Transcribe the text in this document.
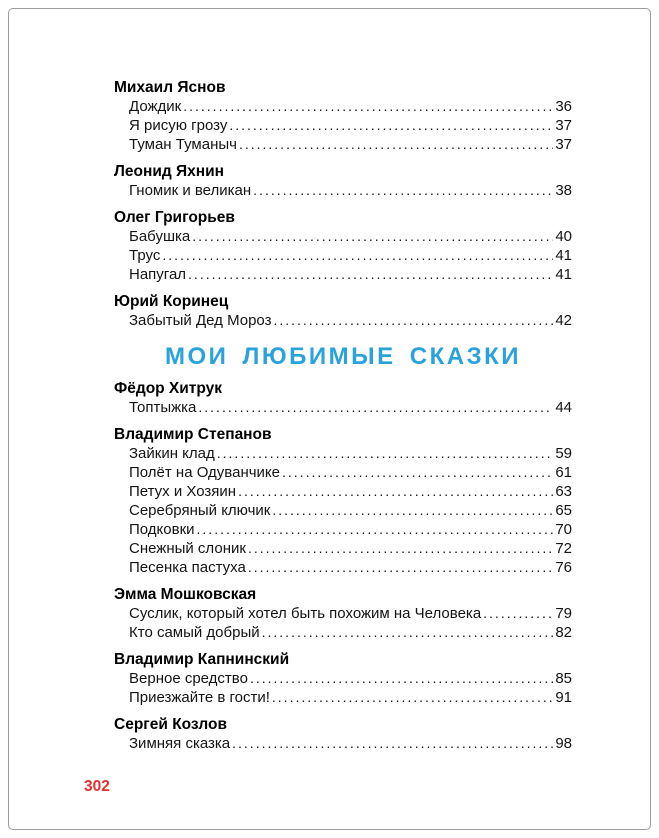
Михаил Яснов
Дождик .....	36
Я рисую грозу .....	37
Туман Туманыч .....	37
Леонид Яхнин
Гномик и великан .....	38
Олег Григорьев
Бабушка .....	40
Трус .....	41
Напугал .....	41
Юрий Коринец
Забытый Дед Мороз .....	42
МОИ ЛЮБИМЫЕ СКАЗКИ
Фёдор Хитрук
Топтыжка .....	44
Владимир Степанов
Зайкин клад .....	59
Полёт на Одуванчике .....	61
Петух и Хозяин .....	63
Серебряный ключик .....	65
Подковки .....	70
Снежный слоник .....	72
Песенка пастуха .....	76
Эмма Мошковская
Суслик, который хотел быть похожим на Человека .....	79
Кто самый добрый .....	82
Владимир Капнинский
Верное средство .....	85
Приезжайте в гости! .....	91
Сергей Козлов
Зимняя сказка .....	98
302
